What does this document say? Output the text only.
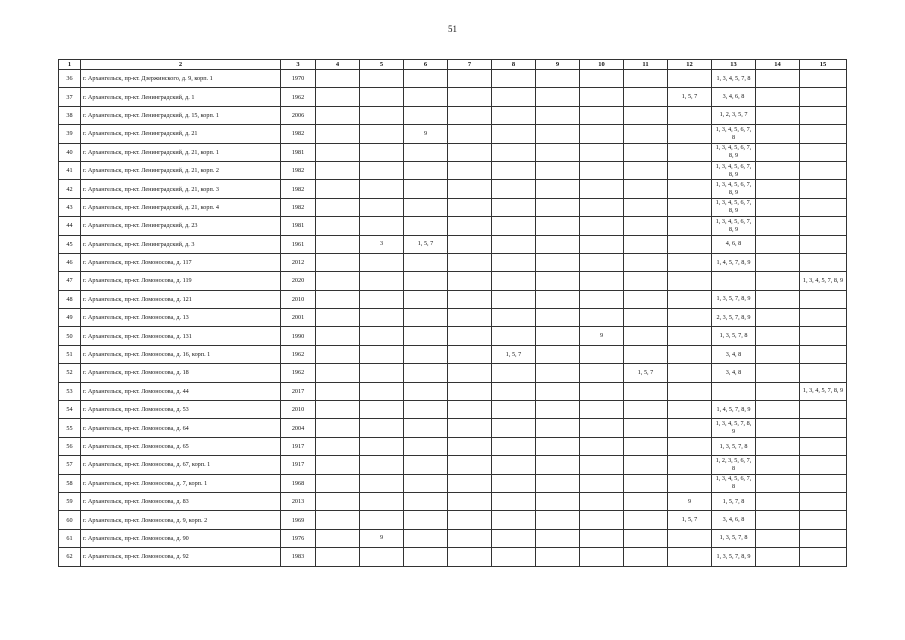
51
1	2	3	4	5	6	7	8	9	10	11	12	13	14	15
36	г. Архангельск, пр-кт. Дзержинского, д. 9, корп. 1	1970										1, 3, 4, 5, 7, 8		
37	г. Архангельск, пр-кт. Ленинградский, д. 1	1962									1, 5, 7	3, 4, 6, 8		
38	г. Архангельск, пр-кт. Ленинградский, д. 15, корп. 1	2006										1, 2, 3, 5, 7		
39	г. Архангельск, пр-кт. Ленинградский, д. 21	1982			9							1, 3, 4, 5, 6, 7, 8		
40	г. Архангельск, пр-кт. Ленинградский, д. 21, корп. 1	1981										1, 3, 4, 5, 6, 7, 8, 9		
41	г. Архангельск, пр-кт. Ленинградский, д. 21, корп. 2	1982										1, 3, 4, 5, 6, 7, 8, 9		
42	г. Архангельск, пр-кт. Ленинградский, д. 21, корп. 3	1982										1, 3, 4, 5, 6, 7, 8, 9		
43	г. Архангельск, пр-кт. Ленинградский, д. 21, корп. 4	1982										1, 3, 4, 5, 6, 7, 8, 9		
44	г. Архангельск, пр-кт. Ленинградский, д. 23	1981										1, 3, 4, 5, 6, 7, 8, 9		
45	г. Архангельск, пр-кт. Ленинградский, д. 3	1961		3	1, 5, 7							4, 6, 8		
46	г. Архангельск, пр-кт. Ломоносова, д. 117	2012										1, 4, 5, 7, 8, 9		
47	г. Архангельск, пр-кт. Ломоносова, д. 119	2020												1, 3, 4, 5, 7, 8, 9
48	г. Архангельск, пр-кт. Ломоносова, д. 121	2010										1, 3, 5, 7, 8, 9		
49	г. Архангельск, пр-кт. Ломоносова, д. 13	2001										2, 3, 5, 7, 8, 9		
50	г. Архангельск, пр-кт. Ломоносова, д. 131	1990							9			1, 3, 5, 7, 8		
51	г. Архангельск, пр-кт. Ломоносова, д. 16, корп. 1	1962					1, 5, 7					3, 4, 8		
52	г. Архангельск, пр-кт. Ломоносова, д. 18	1962								1, 5, 7		3, 4, 8		
53	г. Архангельск, пр-кт. Ломоносова, д. 44	2017												1, 3, 4, 5, 7, 8, 9
54	г. Архангельск, пр-кт. Ломоносова, д. 53	2010										1, 4, 5, 7, 8, 9		
55	г. Архангельск, пр-кт. Ломоносова, д. 64	2004										1, 3, 4, 5, 7, 8, 9		
56	г. Архангельск, пр-кт. Ломоносова, д. 65	1917										1, 3, 5, 7, 8		
57	г. Архангельск, пр-кт. Ломоносова, д. 67, корп. 1	1917										1, 2, 3, 5, 6, 7, 8		
58	г. Архангельск, пр-кт. Ломоносова, д. 7, корп. 1	1968										1, 3, 4, 5, 6, 7, 8		
59	г. Архангельск, пр-кт. Ломоносова, д. 83	2013									9	1, 5, 7, 8		
60	г. Архангельск, пр-кт. Ломоносова, д. 9, корп. 2	1969									1, 5, 7	3, 4, 6, 8		
61	г. Архангельск, пр-кт. Ломоносова, д. 90	1976		9								1, 3, 5, 7, 8		
62	г. Архангельск, пр-кт. Ломоносова, д. 92	1983										1, 3, 5, 7, 8, 9		
